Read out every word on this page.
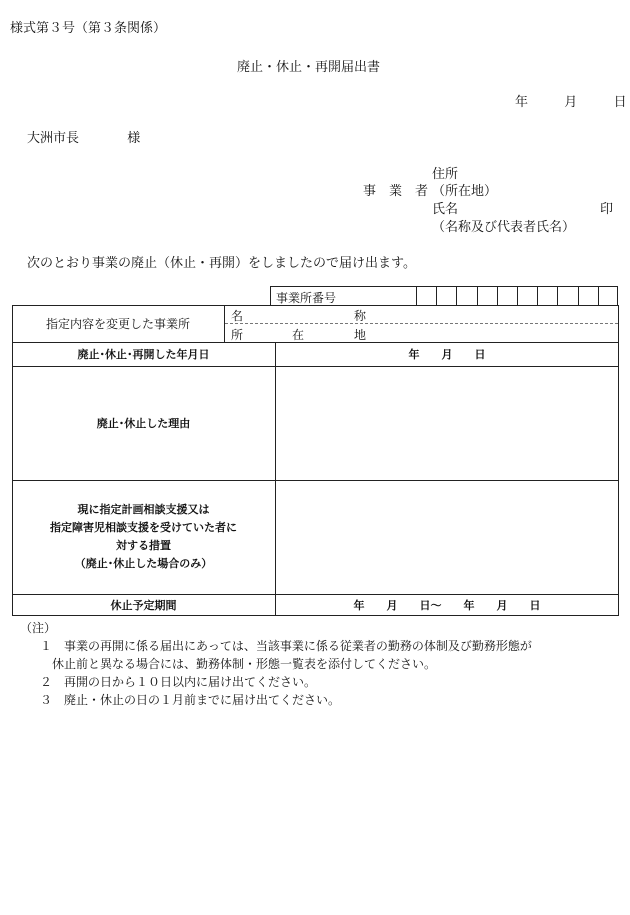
様式第３号（第３条関係）
廃止・休止・再開届出書
年	月	日
大洲市長	様
住所
事　業　者 （所在地）
氏名	印
（名称及び代表者氏名）
次のとおり事業の廃止（休止・再開）をしましたので届け出ます。
事業所番号
指定内容を変更した事業所
名	称
所	在	地
廃止･休止･再開した年月日	年　　月　　日
廃止･休止した理由
現に指定計画相談支援又は
指定障害児相談支援を受けていた者に
対する措置
（廃止･休止した場合のみ）
休止予定期間	年　　月　　日～　　年　　月　　日
（注）
１　事業の再開に係る届出にあっては、当該事業に係る従業者の勤務の体制及び勤務形態が
休止前と異なる場合には、勤務体制・形態一覧表を添付してください。
２　再開の日から１０日以内に届け出てください。
３　廃止・休止の日の１月前までに届け出てください。
